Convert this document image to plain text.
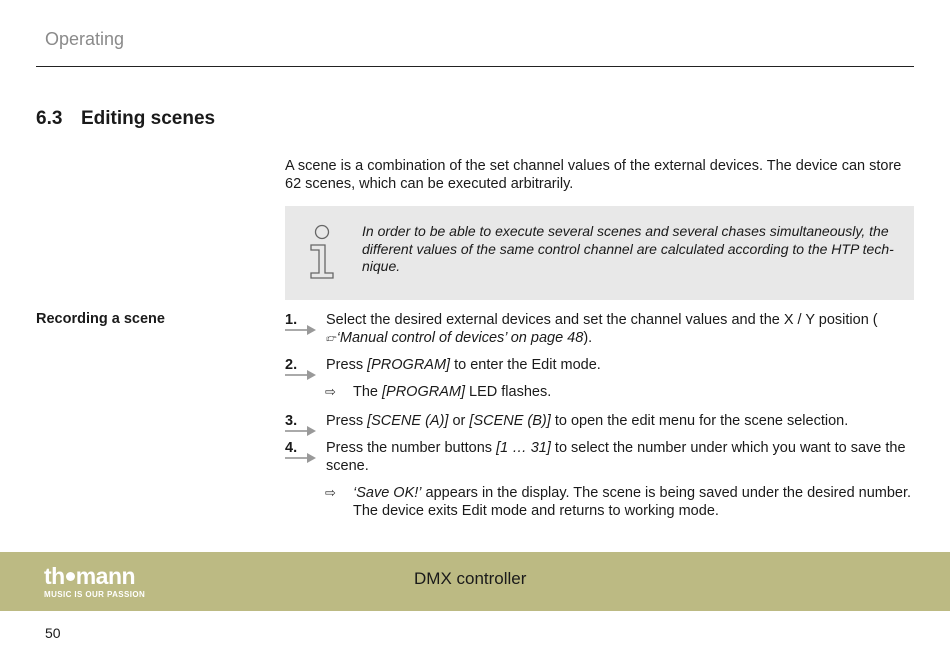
Operating
6.3 Editing scenes
A scene is a combination of the set channel values of the external devices. The device can store 62 scenes, which can be executed arbitrarily.
In order to be able to execute several scenes and several chases simultaneously, the different values of the same control channel are calculated according to the HTP technique.
Recording a scene	1.	Select the desired external devices and set the channel values and the X / Y position ( 👉︎‘Manual control of devices’ on page 48).
2.	Press [PROGRAM] to enter the Edit mode.
⇨ The [PROGRAM] LED flashes.
3.	Press [SCENE (A)] or [SCENE (B)] to open the edit menu for the scene selection.
4.	Press the number buttons [1 … 31] to select the number under which you want to save the scene.
⇨ ‘Save OK!’ appears in the display. The scene is being saved under the desired number. The device exits Edit mode and returns to working mode.
th mann
MUSIC IS OUR PASSION
DMX controller
50
